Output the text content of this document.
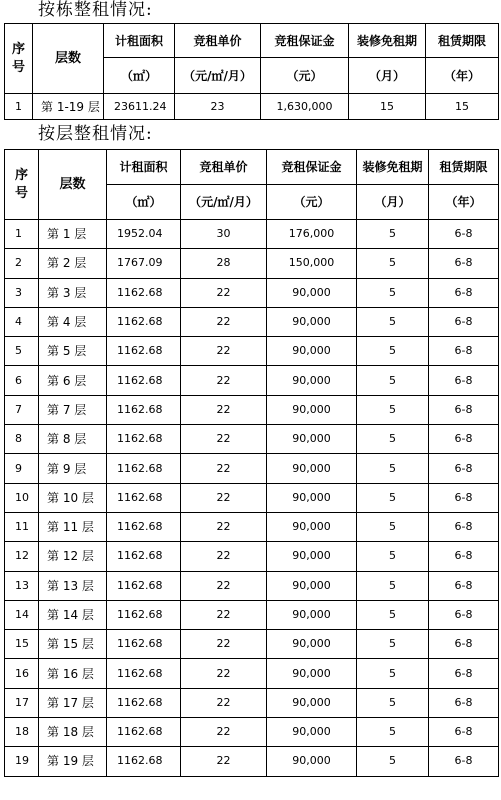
按栋整租情况:
序
号	层数	计租面积	竞租单价	竞租保证金	装修免租期	租赁期限
		（㎡）	（元/㎡/月）	（元）	（月）	（年）
1	第 1-19 层	23611.24	23	1,630,000	15	15
按层整租情况:
序
号	层数	计租面积	竞租单价	竞租保证金	装修免租期	租赁期限
		（㎡）	（元/㎡/月）	（元）	（月）	（年）
1	第 1 层	1952.04	30	176,000	5	6-8
2	第 2 层	1767.09	28	150,000	5	6-8
3	第 3 层	1162.68	22	90,000	5	6-8
4	第 4 层	1162.68	22	90,000	5	6-8
5	第 5 层	1162.68	22	90,000	5	6-8
6	第 6 层	1162.68	22	90,000	5	6-8
7	第 7 层	1162.68	22	90,000	5	6-8
8	第 8 层	1162.68	22	90,000	5	6-8
9	第 9 层	1162.68	22	90,000	5	6-8
10	第 10 层	1162.68	22	90,000	5	6-8
11	第 11 层	1162.68	22	90,000	5	6-8
12	第 12 层	1162.68	22	90,000	5	6-8
13	第 13 层	1162.68	22	90,000	5	6-8
14	第 14 层	1162.68	22	90,000	5	6-8
15	第 15 层	1162.68	22	90,000	5	6-8
16	第 16 层	1162.68	22	90,000	5	6-8
17	第 17 层	1162.68	22	90,000	5	6-8
18	第 18 层	1162.68	22	90,000	5	6-8
19	第 19 层	1162.68	22	90,000	5	6-8
